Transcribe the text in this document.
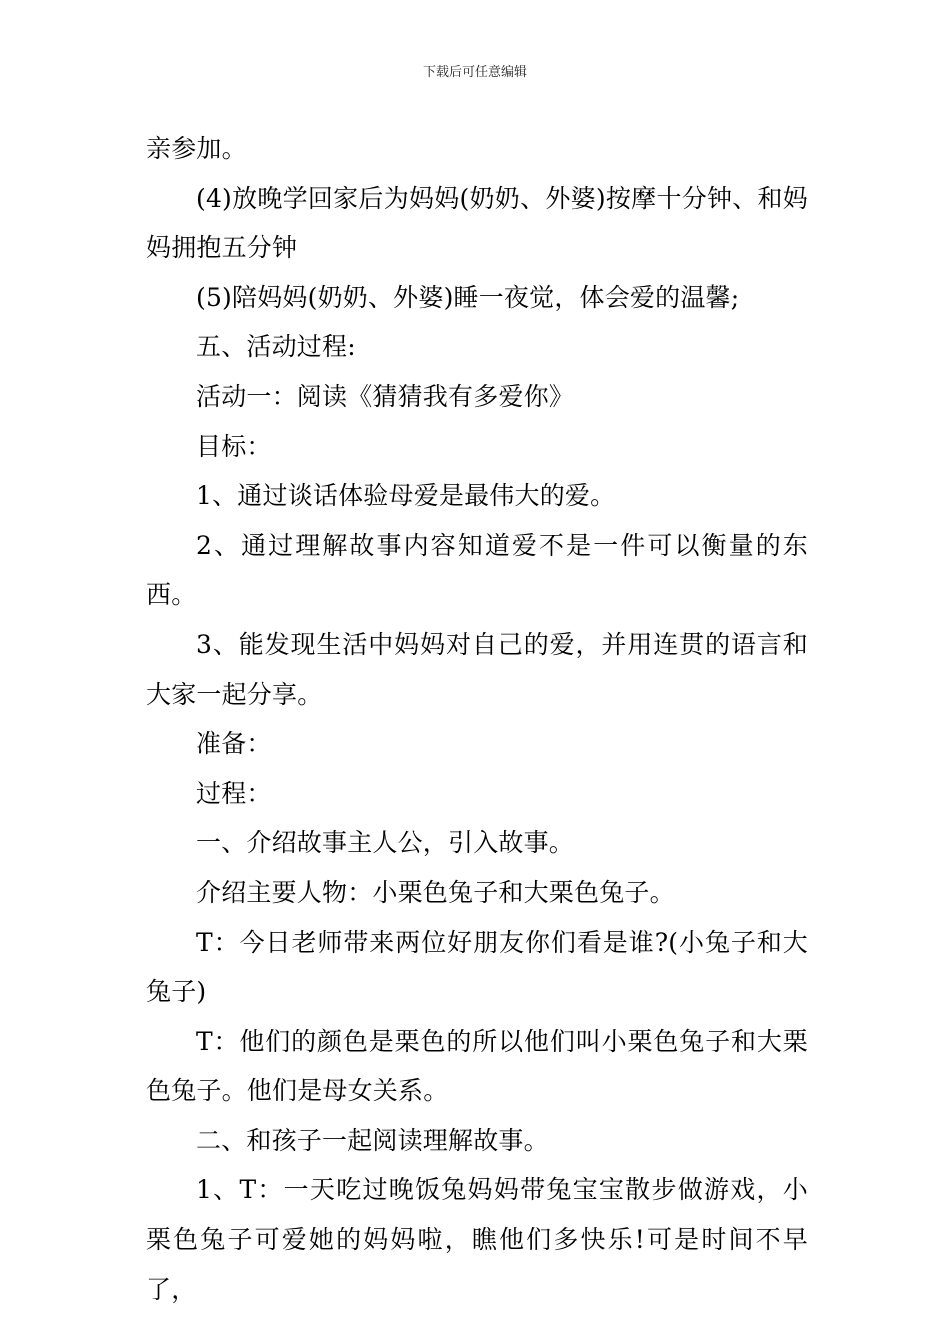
下载后可任意编辑

亲参加。

(4)放晚学回家后为妈妈(奶奶、外婆)按摩十分钟、和妈妈拥抱五分钟

(5)陪妈妈(奶奶、外婆)睡一夜觉，体会爱的温馨;

五、活动过程:

活动一：阅读《猜猜我有多爱你》

目标：

1、通过谈话体验母爱是最伟大的爱。

2、通过理解故事内容知道爱不是一件可以衡量的东西。

3、能发现生活中妈妈对自己的爱，并用连贯的语言和大家一起分享。

准备：

过程：

一、介绍故事主人公，引入故事。

介绍主要人物：小栗色兔子和大栗色兔子。

T：今日老师带来两位好朋友你们看是谁?(小兔子和大兔子)

T：他们的颜色是栗色的所以他们叫小栗色兔子和大栗色兔子。他们是母女关系。

二、和孩子一起阅读理解故事。

1、T：一天吃过晚饭兔妈妈带兔宝宝散步做游戏，小栗色兔子可爱她的妈妈啦，瞧他们多快乐!可是时间不早了，
